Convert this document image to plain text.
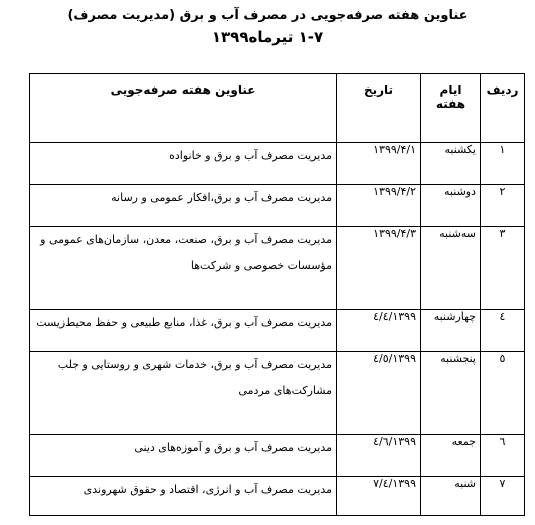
عناوین هفته صرفه‌جویی در مصرف آب و برق (مدیریت مصرف)
۱-۷ تیرماه۱۳۹۹
ردیف	ایام هفته	تاریخ	عناوین هفته صرفه‌جویی
۱	یکشنبه	۱۳۹۹/۴/۱	مدیریت مصرف آب و برق و خانواده
۲	دوشنبه	۱۳۹۹/۴/۲	مدیریت مصرف آب و برق،افکار عمومی و رسانه
۳	سه‌شنبه	۱۳۹۹/۴/۳	مدیریت مصرف آب و برق، صنعت، معدن، سازمان‌های عمومی و مؤسسات خصوصی و شرکت‌ها
٤	چهارشنبه	۱۳۹۹/٤/٤	مدیریت مصرف آب و برق، غذا، منابع طبیعی و حفظ محیط‌زیست
٥	پنجشنبه	۱۳۹۹/٤/٥	مدیریت مصرف آب و برق، خدمات شهری و روستایی و جلب مشارکت‌های مردمی
٦	جمعه	۱۳۹۹/٤/٦	مدیریت مصرف آب و برق و آموزه‌های دینی
۷	شنبه	۱۳۹۹/٤/۷	مدیریت مصرف آب و انرژی، اقتصاد و حقوق شهروندی
